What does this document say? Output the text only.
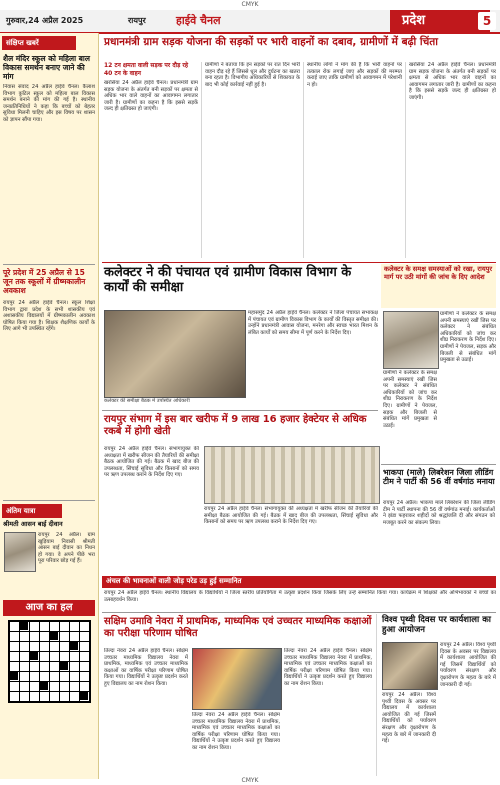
CMYK
CMYK
गुरुवार,24 अप्रैल 2025	रायपुर	हाईवे चैनल	प्रदेश	5
संक्षिप्त खबरें
शैल मंदिर स्कूल को महिला बाल विकास समर्थन बनाए जाने की मांग
निवास संवाद 24 अप्रैल हाईवे चैनल। कैलाश विभाग कुटिल स्कूल को महिला बाल विकास समर्थन बनाने की मांग की गई है। स्थानीय जनप्रतिनिधियों ने कहा कि बच्चों को बेहतर सुविधा मिलनी चाहिए और इस विषय पर शासन को ज्ञापन सौंपा गया।
पूरे प्रदेश में 25 अप्रैल से 15 जून तक स्कूलों में ग्रीष्मकालीन अवकाश
रायपुर 24 अप्रैल हाईवे चैनल। स्कूल शिक्षा विभाग द्वारा प्रदेश के सभी शासकीय एवं अशासकीय विद्यालयों में ग्रीष्मकालीन अवकाश घोषित किया गया है। शिक्षक शैक्षणिक कार्यों के लिए आगे भी उपस्थित रहेंगे।
अंतिम यात्रा
श्रीमती आसन बाई दीवान
रायपुर 24 अप्रैल। ग्राम खुड़ियाम निवासी श्रीमती आसन बाई दीवान का निधन हो गया। वे अपने पीछे भरा पूरा परिवार छोड़ गई हैं।
आज का हल
प्रधानमंत्री ग्राम सड़क योजना की सड़कों पर भारी वाहनों का दबाव, ग्रामीणों में बढ़ी चिंता
12 टन क्षमता वाली सड़क पर दौड़ रहे 40 टन के वाहन
खरसिया 24 अप्रैल हाईवे चैनल। प्रधानमंत्री ग्राम सड़क योजना के अंतर्गत बनी सड़कों पर क्षमता से अधिक भार वाले वाहनों का आवागमन लगातार जारी है। ग्रामीणों का कहना है कि इससे सड़कें जल्द ही क्षतिग्रस्त हो जाएंगी।
ग्रामीणों ने बताया कि इन सड़कों पर रात दिन भारी वाहन दौड़ रहे हैं जिससे धूल और दुर्घटना का खतरा बना रहता है। विभागीय अधिकारियों से शिकायत के बाद भी कोई कार्रवाई नहीं हुई है।
स्थानीय लोगों ने मांग की है कि भारी वाहनों पर तत्काल रोक लगाई जाए और सड़कों की मरम्मत कराई जाए ताकि ग्रामीणों को आवागमन में परेशानी न हो।
खरसिया 24 अप्रैल हाईवे चैनल। प्रधानमंत्री ग्राम सड़क योजना के अंतर्गत बनी सड़कों पर क्षमता से अधिक भार वाले वाहनों का आवागमन लगातार जारी है। ग्रामीणों का कहना है कि इससे सड़कें जल्द ही क्षतिग्रस्त हो जाएंगी।
कलेक्टर ने की पंचायत एवं ग्रामीण विकास विभाग के कार्यों की समीक्षा
कलेक्टर की समीक्षा बैठक में उपस्थित अधिकारी
महासमुंद 24 अप्रैल हाईवे चैनल। कलेक्टर ने जिला पंचायत सभाकक्ष में पंचायत एवं ग्रामीण विकास विभाग के कार्यों की विस्तृत समीक्षा की। उन्होंने प्रधानमंत्री आवास योजना, मनरेगा और स्वच्छ भारत मिशन के लंबित कार्यों को समय सीमा में पूर्ण करने के निर्देश दिए।
कलेक्टर के समक्ष समस्याओं को रखा, रायपुर मार्ग पर उठी मांगों की जांच के दिए आदेश
ग्रामीणों ने कलेक्टर के समक्ष अपनी समस्याएं रखीं जिस पर कलेक्टर ने संबंधित अधिकारियों को जांच कर शीघ्र निराकरण के निर्देश दिए। ग्रामीणों ने पेयजल, सड़क और बिजली से संबंधित मांगें प्रमुखता से उठाईं।
ग्रामीणों ने कलेक्टर के समक्ष अपनी समस्याएं रखीं जिस पर कलेक्टर ने संबंधित अधिकारियों को जांच कर शीघ्र निराकरण के निर्देश दिए। ग्रामीणों ने पेयजल, सड़क और बिजली से संबंधित मांगें प्रमुखता से उठाईं।
भाकपा (माले) लिबरेशन जिला लीडिंग टीम ने पार्टी की 56 वीं वर्षगांठ मनाया
रायपुर 24 अप्रैल। भाकपा माले लिबरेशन की जिला लीडिंग टीम ने पार्टी स्थापना की 56 वीं वर्षगांठ मनाई। कार्यकर्ताओं ने झंडा फहराकर शहीदों को श्रद्धांजलि दी और संगठन को मजबूत करने का संकल्प लिया।
रायपुर संभाग में इस बार खरीफ में 9 लाख 16 हजार हेक्टेयर से अधिक रकबे में होगी खेती
रायपुर 24 अप्रैल हाईवे चैनल। संभागायुक्त की अध्यक्षता में खरीफ सीजन की तैयारियों की समीक्षा बैठक आयोजित की गई। बैठक में खाद बीज की उपलब्धता, सिंचाई सुविधा और किसानों को समय पर ऋण उपलब्ध कराने के निर्देश दिए गए।
रायपुर 24 अप्रैल हाईवे चैनल। संभागायुक्त की अध्यक्षता में खरीफ सीजन की तैयारियों की समीक्षा बैठक आयोजित की गई। बैठक में खाद बीज की उपलब्धता, सिंचाई सुविधा और किसानों को समय पर ऋण उपलब्ध कराने के निर्देश दिए गए।
अंचल की भावनाओं वाली जोड़ परेड उड़ हुई सम्मानित
रायपुर 24 अप्रैल हाईवे चैनल। स्थानीय विद्यालय के विद्यार्थियों ने जिला स्तरीय प्रतियोगिता में उत्कृष्ट प्रदर्शन किया जिसके लिए उन्हें सम्मानित किया गया। कार्यक्रम में शिक्षकों और अभिभावकों ने बच्चों का उत्साहवर्धन किया।
सक्षिम उमावि नेवरा में प्राथमिक, माध्यमिक एवं उच्चतर माध्यमिक कक्षाओं का परीक्षा परिणाम घोषित
तिल्दा नेवरा 24 अप्रैल हाईवे चैनल। सक्षिम उच्चतर माध्यमिक विद्यालय नेवरा में प्राथमिक, माध्यमिक एवं उच्चतर माध्यमिक कक्षाओं का वार्षिक परीक्षा परिणाम घोषित किया गया। विद्यार्थियों ने उत्कृष्ट प्रदर्शन करते हुए विद्यालय का नाम रोशन किया।
तिल्दा नेवरा 24 अप्रैल हाईवे चैनल। सक्षिम उच्चतर माध्यमिक विद्यालय नेवरा में प्राथमिक, माध्यमिक एवं उच्चतर माध्यमिक कक्षाओं का वार्षिक परीक्षा परिणाम घोषित किया गया। विद्यार्थियों ने उत्कृष्ट प्रदर्शन करते हुए विद्यालय का नाम रोशन किया।
तिल्दा नेवरा 24 अप्रैल हाईवे चैनल। सक्षिम उच्चतर माध्यमिक विद्यालय नेवरा में प्राथमिक, माध्यमिक एवं उच्चतर माध्यमिक कक्षाओं का वार्षिक परीक्षा परिणाम घोषित किया गया। विद्यार्थियों ने उत्कृष्ट प्रदर्शन करते हुए विद्यालय का नाम रोशन किया।
विश्व पृथ्वी दिवस पर कार्यशाला का हुआ आयोजन
रायपुर 24 अप्रैल। विश्व पृथ्वी दिवस के अवसर पर विद्यालय में कार्यशाला आयोजित की गई जिसमें विद्यार्थियों को पर्यावरण संरक्षण और वृक्षारोपण के महत्व के बारे में जानकारी दी गई।
रायपुर 24 अप्रैल। विश्व पृथ्वी दिवस के अवसर पर विद्यालय में कार्यशाला आयोजित की गई जिसमें विद्यार्थियों को पर्यावरण संरक्षण और वृक्षारोपण के महत्व के बारे में जानकारी दी गई।
